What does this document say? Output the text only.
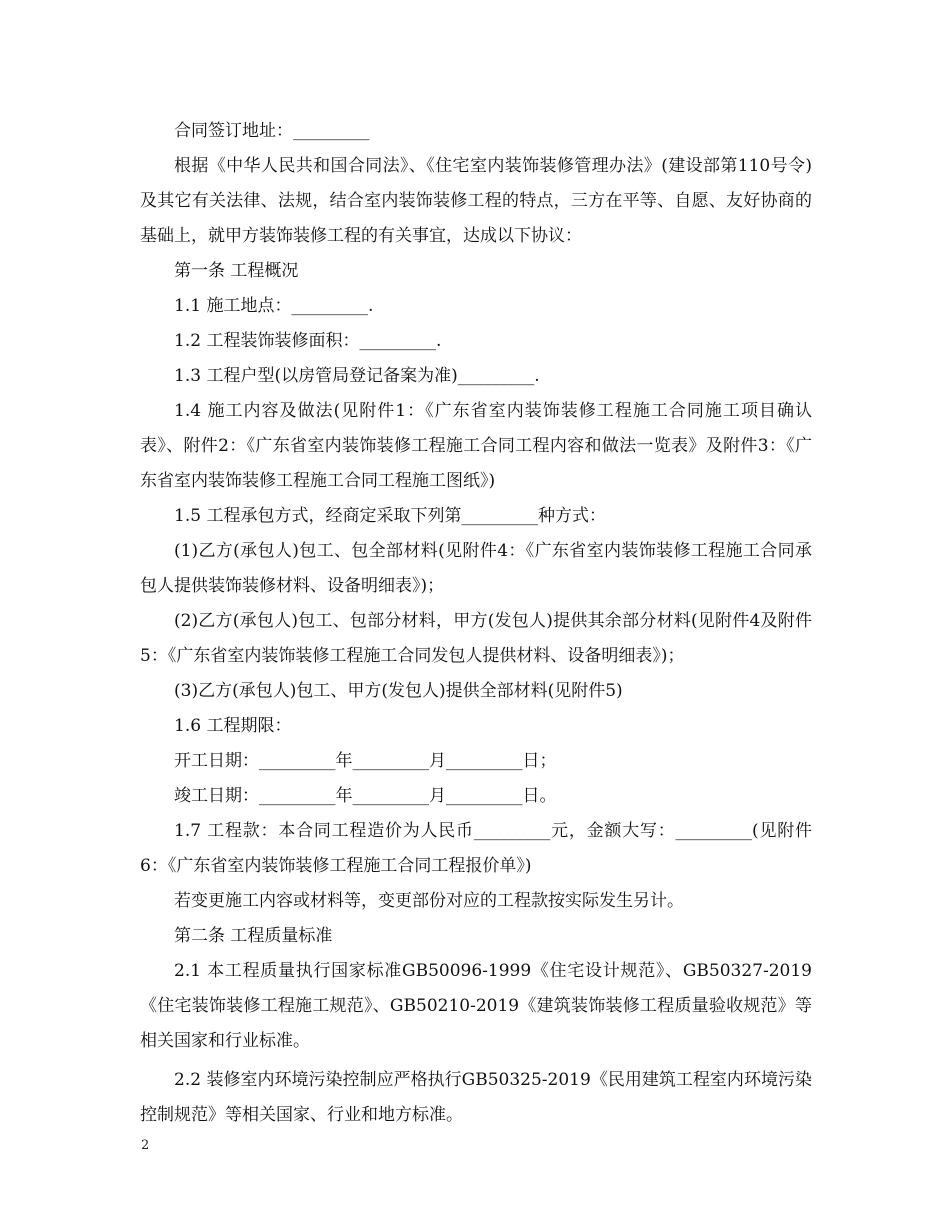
合同签订地址：_________

根据《中华人民共和国合同法》、《住宅室内装饰装修管理办法》(建设部第110号令)及其它有关法律、法规，结合室内装饰装修工程的特点，三方在平等、自愿、友好协商的基础上，就甲方装饰装修工程的有关事宜，达成以下协议：

第一条 工程概况

1.1 施工地点：_________.

1.2 工程装饰装修面积：_________.

1.3 工程户型(以房管局登记备案为准)_________.

1.4 施工内容及做法(见附件1：《广东省室内装饰装修工程施工合同施工项目确认表》、附件2：《广东省室内装饰装修工程施工合同工程内容和做法一览表》及附件3：《广东省室内装饰装修工程施工合同工程施工图纸》)

1.5 工程承包方式，经商定采取下列第_________种方式：

(1)乙方(承包人)包工、包全部材料(见附件4：《广东省室内装饰装修工程施工合同承包人提供装饰装修材料、设备明细表》)；

(2)乙方(承包人)包工、包部分材料，甲方(发包人)提供其余部分材料(见附件4及附件5：《广东省室内装饰装修工程施工合同发包人提供材料、设备明细表》)；

(3)乙方(承包人)包工、甲方(发包人)提供全部材料(见附件5)

1.6 工程期限：

开工日期：_________年_________月_________日；

竣工日期：_________年_________月_________日。

1.7 工程款：本合同工程造价为人民币_________元，金额大写：_________(见附件6：《广东省室内装饰装修工程施工合同工程报价单》)

若变更施工内容或材料等，变更部份对应的工程款按实际发生另计。

第二条 工程质量标准

2.1 本工程质量执行国家标准GB50096-1999《住宅设计规范》、GB50327-2019《住宅装饰装修工程施工规范》、GB50210-2019《建筑装饰装修工程质量验收规范》等相关国家和行业标准。

2.2 装修室内环境污染控制应严格执行GB50325-2019《民用建筑工程室内环境污染控制规范》等相关国家、行业和地方标准。

2
